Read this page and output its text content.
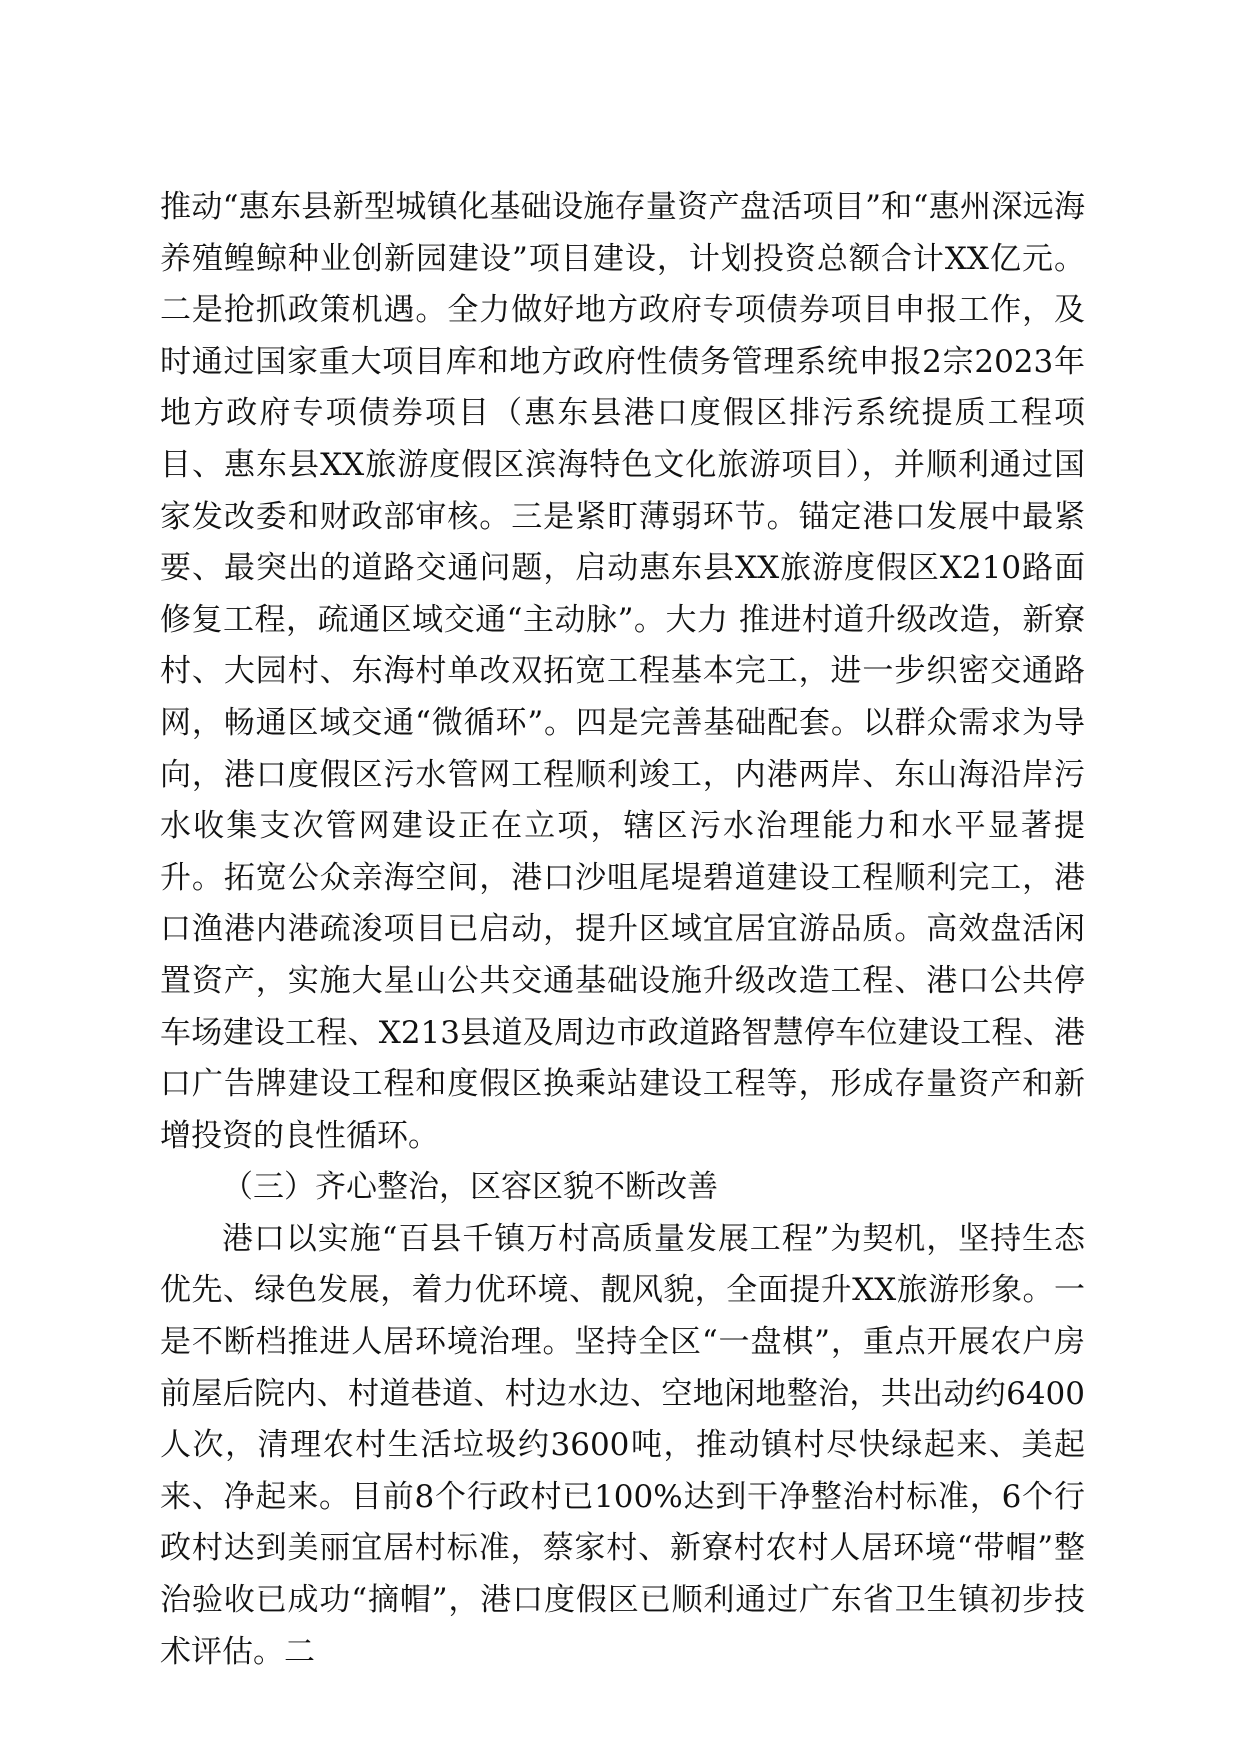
推动“惠东县新型城镇化基础设施存量资产盘活项目”和“惠州深远海养殖鳇鲸种业创新园建设”项目建设，计划投资总额合计XX亿元。二是抢抓政策机遇。全力做好地方政府专项债券项目申报工作，及时通过国家重大项目库和地方政府性债务管理系统申报2宗2023年地方政府专项债券项目（惠东县港口度假区排污系统提质工程项目、惠东县XX旅游度假区滨海特色文化旅游项目），并顺利通过国家发改委和财政部审核。三是紧盯薄弱环节。锚定港口发展中最紧要、最突出的道路交通问题，启动惠东县XX旅游度假区X210路面修复工程，疏通区域交通“主动脉”。大力 推进村道升级改造，新寮村、大园村、东海村单改双拓宽工程基本完工，进一步织密交通路网，畅通区域交通“微循环”。四是完善基础配套。以群众需求为导向，港口度假区污水管网工程顺利竣工，内港两岸、东山海沿岸污水收集支次管网建设正在立项，辖区污水治理能力和水平显著提升。拓宽公众亲海空间，港口沙咀尾堤碧道建设工程顺利完工，港口渔港内港疏浚项目已启动，提升区域宜居宜游品质。高效盘活闲置资产，实施大星山公共交通基础设施升级改造工程、港口公共停车场建设工程、X213县道及周边市政道路智慧停车位建设工程、港口广告牌建设工程和度假区换乘站建设工程等，形成存量资产和新增投资的良性循环。

（三）齐心整治，区容区貌不断改善

港口以实施“百县千镇万村高质量发展工程”为契机，坚持生态优先、绿色发展，着力优环境、靓风貌，全面提升XX旅游形象。一是不断档推进人居环境治理。坚持全区“一盘棋”，重点开展农户房前屋后院内、村道巷道、村边水边、空地闲地整治，共出动约6400人次，清理农村生活垃圾约3600吨，推动镇村尽快绿起来、美起来、净起来。目前8个行政村已100%达到干净整治村标准，6个行政村达到美丽宜居村标准，蔡家村、新寮村农村人居环境“带帽”整治验收已成功“摘帽”，港口度假区已顺利通过广东省卫生镇初步技术评估。二
